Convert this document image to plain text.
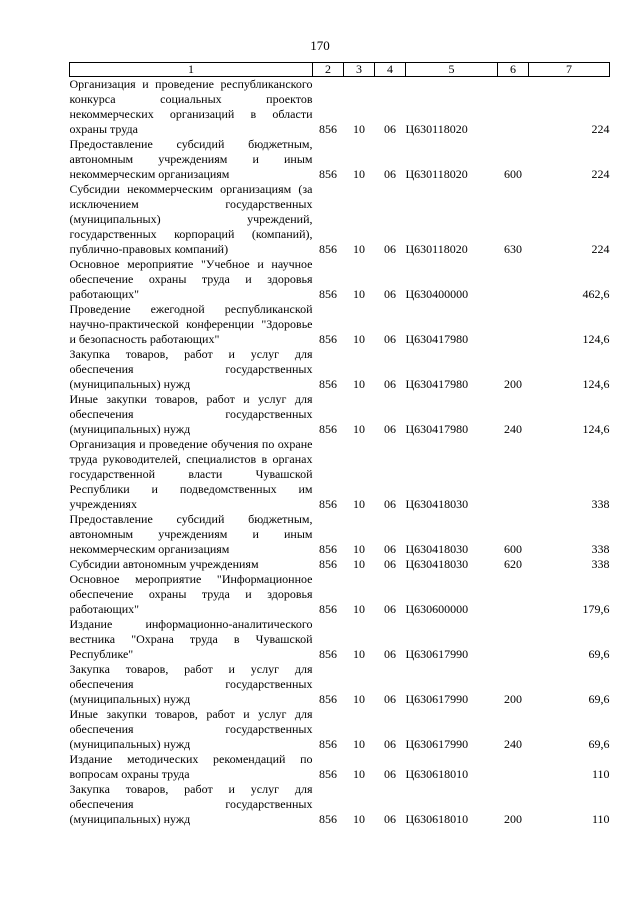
170
1	2	3	4	5	6	7
Организация и проведение республиканского конкурса социальных проектов некоммерческих организаций в области охраны труда	856	10	06	Ц630118020		224
Предоставление субсидий бюджетным, автономным учреждениям и иным некоммерческим организациям	856	10	06	Ц630118020	600	224
Субсидии некоммерческим организациям (за исключением государственных (муниципальных) учреждений, государственных корпораций (компаний), публично-правовых компаний)	856	10	06	Ц630118020	630	224
Основное мероприятие "Учебное и научное обеспечение охраны труда и здоровья работающих"	856	10	06	Ц630400000		462,6
Проведение ежегодной республиканской научно-практической конференции "Здоровье и безопасность работающих"	856	10	06	Ц630417980		124,6
Закупка товаров, работ и услуг для обеспечения государственных (муниципальных) нужд	856	10	06	Ц630417980	200	124,6
Иные закупки товаров, работ и услуг для обеспечения государственных (муниципальных) нужд	856	10	06	Ц630417980	240	124,6
Организация и проведение обучения по охране труда руководителей, специалистов в органах государственной власти Чувашской Республики и подведомственных им учреждениях	856	10	06	Ц630418030		338
Предоставление субсидий бюджетным, автономным учреждениям и иным некоммерческим организациям	856	10	06	Ц630418030	600	338
Субсидии автономным учреждениям	856	10	06	Ц630418030	620	338
Основное мероприятие "Информационное обеспечение охраны труда и здоровья работающих"	856	10	06	Ц630600000		179,6
Издание информационно-аналитического вестника "Охрана труда в Чувашской Республике"	856	10	06	Ц630617990		69,6
Закупка товаров, работ и услуг для обеспечения государственных (муниципальных) нужд	856	10	06	Ц630617990	200	69,6
Иные закупки товаров, работ и услуг для обеспечения государственных (муниципальных) нужд	856	10	06	Ц630617990	240	69,6
Издание методических рекомендаций по вопросам охраны труда	856	10	06	Ц630618010		110
Закупка товаров, работ и услуг для обеспечения государственных (муниципальных) нужд	856	10	06	Ц630618010	200	110
